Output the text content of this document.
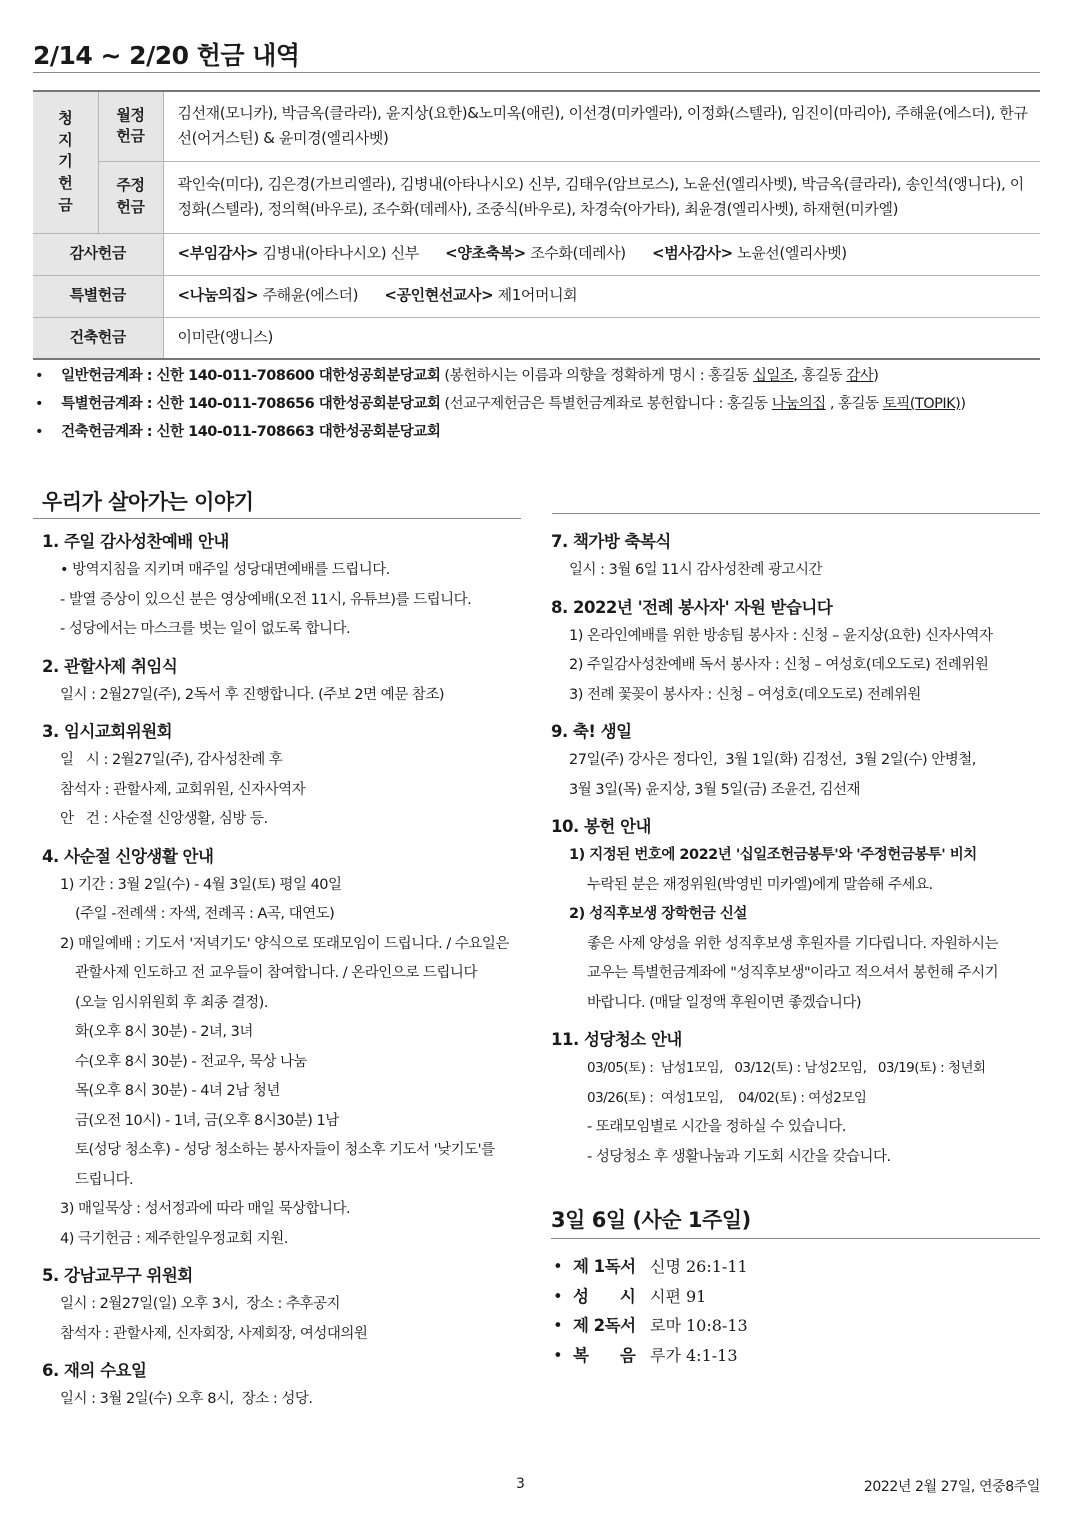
2/14 ~ 2/20 헌금 내역
청지기헌금	월정헌금	김선재(모니카), 박금옥(클라라), 윤지상(요한)&노미옥(애린), 이선경(미카엘라), 이정화(스텔라), 임진이(마리아), 주해윤(에스더), 한규선(어거스틴) & 윤미경(엘리사벳)
	주정헌금	곽인숙(미다), 김은경(가브리엘라), 김병내(아타나시오) 신부, 김태우(암브로스), 노윤선(엘리사벳), 박금옥(클라라), 송인석(앵니다), 이정화(스텔라), 정의혁(바우로), 조수화(데레사), 조중식(바우로), 차경숙(아가타), 최윤경(엘리사벳), 하재현(미카엘)
감사헌금		<부임감사> 김병내(아타나시오) 신부 <양초축복> 조수화(데레사) <범사감사> 노윤선(엘리사벳)
특별헌금		<나눔의집> 주해윤(에스더) <공인현선교사> 제1어머니회
건축헌금		이미란(앵니스)
• 일반헌금계좌 : 신한 140-011-708600 대한성공회분당교회 (봉헌하시는 이름과 의향을 정확하게 명시 : 홍길동 십일조, 홍길동 감사)
• 특별헌금계좌 : 신한 140-011-708656 대한성공회분당교회 (선교구제헌금은 특별헌금계좌로 봉헌합니다 : 홍길동 나눔의집 , 홍길동 토픽(TOPIK))
• 건축헌금계좌 : 신한 140-011-708663 대한성공회분당교회
우리가 살아가는 이야기
1. 주일 감사성찬예배 안내
• 방역지침을 지키며 매주일 성당대면예배를 드립니다.
- 발열 증상이 있으신 분은 영상예배(오전 11시, 유튜브)를 드립니다.
- 성당에서는 마스크를 벗는 일이 없도록 합니다.
2. 관할사제 취임식
일시 : 2월27일(주), 2독서 후 진행합니다. (주보 2면 예문 참조)
3. 임시교회위원회
일   시 : 2월27일(주), 감사성찬례 후
참석자 : 관할사제, 교회위원, 신자사역자
안   건 : 사순절 신앙생활, 심방 등.
4. 사순절 신앙생활 안내
1) 기간 : 3월 2일(수) - 4월 3일(토) 평일 40일
(주일 -전례색 : 자색, 전례곡 : A곡, 대연도)
2) 매일예배 : 기도서 '저녁기도' 양식으로 또래모임이 드립니다. / 수요일은
관할사제 인도하고 전 교우들이 참여합니다. / 온라인으로 드립니다
(오늘 임시위원회 후 최종 결정).
화(오후 8시 30분) - 2녀, 3녀
수(오후 8시 30분) - 전교우, 묵상 나눔
목(오후 8시 30분) - 4녀 2남 청년
금(오전 10시) - 1녀, 금(오후 8시30분) 1남
토(성당 청소후) - 성당 청소하는 봉사자들이 청소후 기도서 '낮기도'를
드립니다.
3) 매일묵상 : 성서정과에 따라 매일 묵상합니다.
4) 극기헌금 : 제주한일우정교회 지원.
5. 강남교무구 위원회
일시 : 2월27일(일) 오후 3시,  장소 : 추후공지
참석자 : 관할사제, 신자회장, 사제회장, 여성대의원
6. 재의 수요일
일시 : 3월 2일(수) 오후 8시,  장소 : 성당.
7. 책가방 축복식
일시 : 3월 6일 11시 감사성찬례 광고시간
8. 2022년 '전례 봉사자' 자원 받습니다
1) 온라인예배를 위한 방송팀 봉사자 : 신청 – 윤지상(요한) 신자사역자
2) 주일감사성찬예배 독서 봉사자 : 신청 – 여성호(데오도로) 전례위원
3) 전례 꽃꽂이 봉사자 : 신청 – 여성호(데오도로) 전례위원
9. 축! 생일
27일(주) 강사은 정다인,  3월 1일(화) 김정선,  3월 2일(수) 안병철,
3월 3일(목) 윤지상, 3월 5일(금) 조윤건, 김선재
10. 봉헌 안내
1) 지정된 번호에 2022년 '십일조헌금봉투'와 '주정헌금봉투' 비치
누락된 분은 재정위원(박영빈 미카엘)에게 말씀해 주세요.
2) 성직후보생 장학헌금 신설
좋은 사제 양성을 위한 성직후보생 후원자를 기다립니다. 자원하시는
교우는 특별헌금계좌에 "성직후보생"이라고 적으셔서 봉헌해 주시기
바랍니다. (매달 일정액 후원이면 좋겠습니다)
11. 성당청소 안내
03/05(토) :  남성1모임,   03/12(토) : 남성2모임,   03/19(토) : 청년회
03/26(토) :  여성1모임,    04/02(토) : 여성2모임
- 또래모임별로 시간을 정하실 수 있습니다.
- 성당청소 후 생활나눔과 기도회 시간을 갖습니다.
3일 6일 (사순 1주일)
• 제 1독서 신명 26:1-11
• 성      시 시편 91
• 제 2독서 로마 10:8-13
• 복      음 루가 4:1-13
3	2022년 2월 27일, 연중8주일
